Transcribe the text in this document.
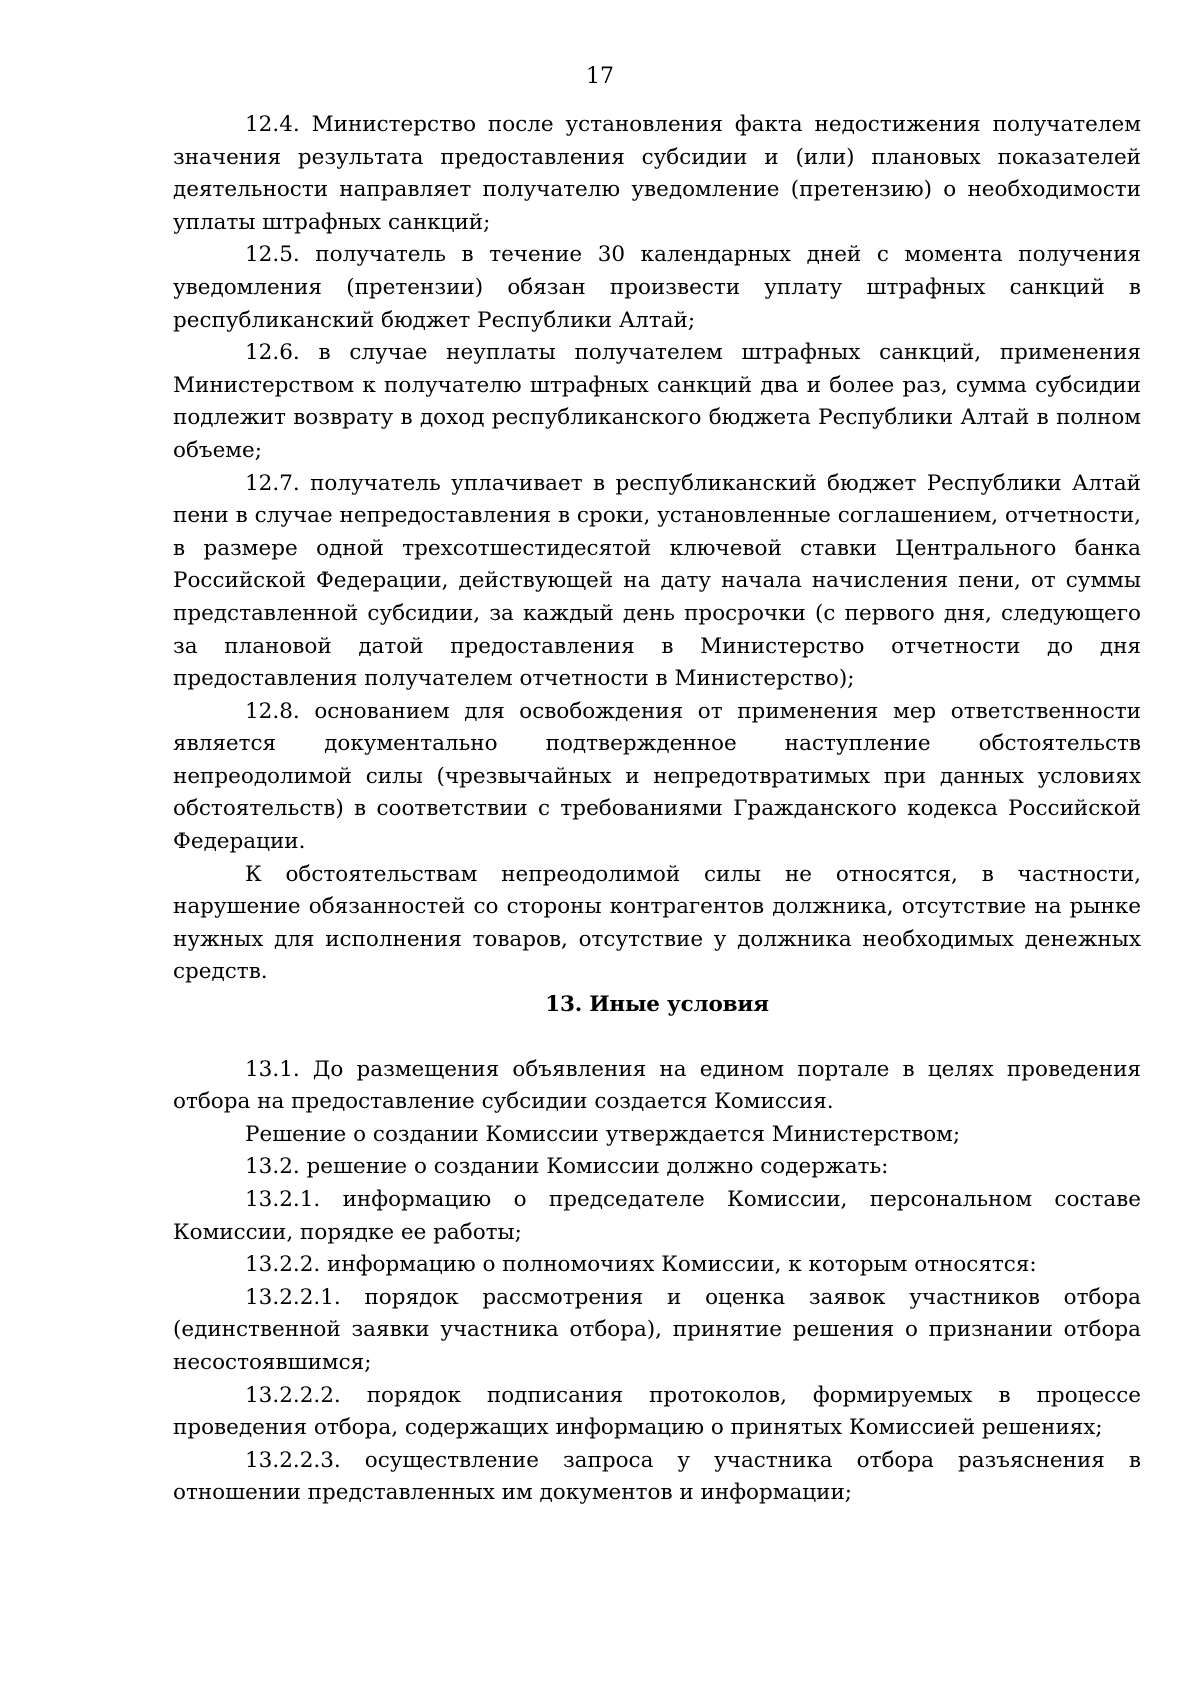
17

12.4. Министерство после установления факта недостижения получателем значения результата предоставления субсидии и (или) плановых показателей деятельности направляет получателю уведомление (претензию) о необходимости уплаты штрафных санкций;

12.5. получатель в течение 30 календарных дней с момента получения уведомления (претензии) обязан произвести уплату штрафных санкций в республиканский бюджет Республики Алтай;

12.6. в случае неуплаты получателем штрафных санкций, применения Министерством к получателю штрафных санкций два и более раз, сумма субсидии подлежит возврату в доход республиканского бюджета Республики Алтай в полном объеме;

12.7. получатель уплачивает в республиканский бюджет Республики Алтай пени в случае непредоставления в сроки, установленные соглашением, отчетности, в размере одной трехсотшестидесятой ключевой ставки Центрального банка Российской Федерации, действующей на дату начала начисления пени, от суммы представленной субсидии, за каждый день просрочки (с первого дня, следующего за плановой датой предоставления в Министерство отчетности до дня предоставления получателем отчетности в Министерство);

12.8. основанием для освобождения от применения мер ответственности является документально подтвержденное наступление обстоятельств непреодолимой силы (чрезвычайных и непредотвратимых при данных условиях обстоятельств) в соответствии с требованиями Гражданского кодекса Российской Федерации.

К обстоятельствам непреодолимой силы не относятся, в частности, нарушение обязанностей со стороны контрагентов должника, отсутствие на рынке нужных для исполнения товаров, отсутствие у должника необходимых денежных средств.

13. Иные условия

13.1. До размещения объявления на едином портале в целях проведения отбора на предоставление субсидии создается Комиссия.

Решение о создании Комиссии утверждается Министерством;

13.2. решение о создании Комиссии должно содержать:

13.2.1. информацию о председателе Комиссии, персональном составе Комиссии, порядке ее работы;

13.2.2. информацию о полномочиях Комиссии, к которым относятся:

13.2.2.1. порядок рассмотрения и оценка заявок участников отбора (единственной заявки участника отбора), принятие решения о признании отбора несостоявшимся;

13.2.2.2. порядок подписания протоколов, формируемых в процессе проведения отбора, содержащих информацию о принятых Комиссией решениях;

13.2.2.3. осуществление запроса у участника отбора разъяснения в отношении представленных им документов и информации;
